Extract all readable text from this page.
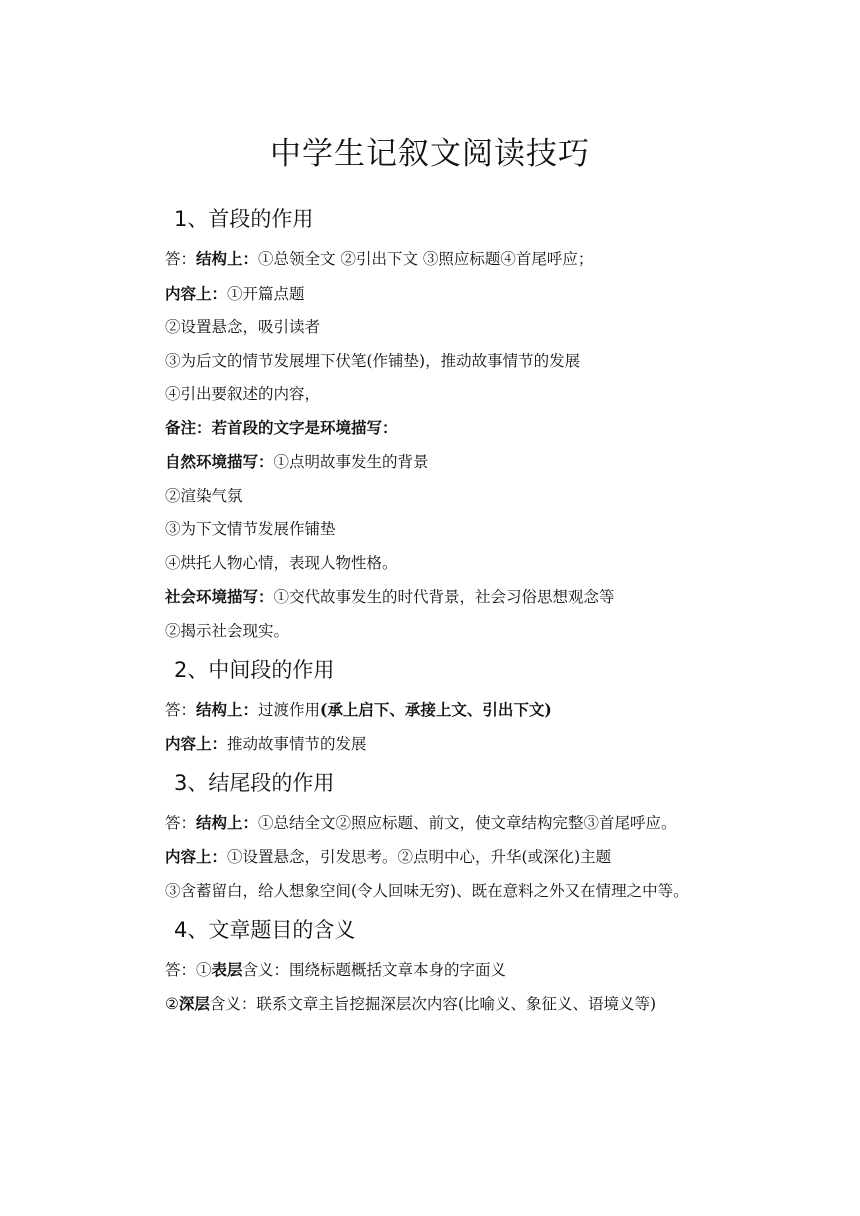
中学生记叙文阅读技巧
1、首段的作用
答：结构上：①总领全文 ②引出下文 ③照应标题④首尾呼应；
内容上：①开篇点题
②设置悬念，吸引读者
③为后文的情节发展埋下伏笔(作铺垫)，推动故事情节的发展
④引出要叙述的内容，
备注：若首段的文字是环境描写：
自然环境描写：①点明故事发生的背景
②渲染气氛
③为下文情节发展作铺垫
④烘托人物心情，表现人物性格。
社会环境描写：①交代故事发生的时代背景，社会习俗思想观念等
②揭示社会现实。
2、中间段的作用
答：结构上：过渡作用(承上启下、承接上文、引出下文)
内容上：推动故事情节的发展
3、结尾段的作用
答：结构上：①总结全文②照应标题、前文，使文章结构完整③首尾呼应。
内容上：①设置悬念，引发思考。②点明中心，升华(或深化)主题
③含蓄留白，给人想象空间(令人回味无穷)、既在意料之外又在情理之中等。
4、文章题目的含义
答：①表层含义：围绕标题概括文章本身的字面义
②深层含义：联系文章主旨挖掘深层次内容(比喻义、象征义、语境义等)
